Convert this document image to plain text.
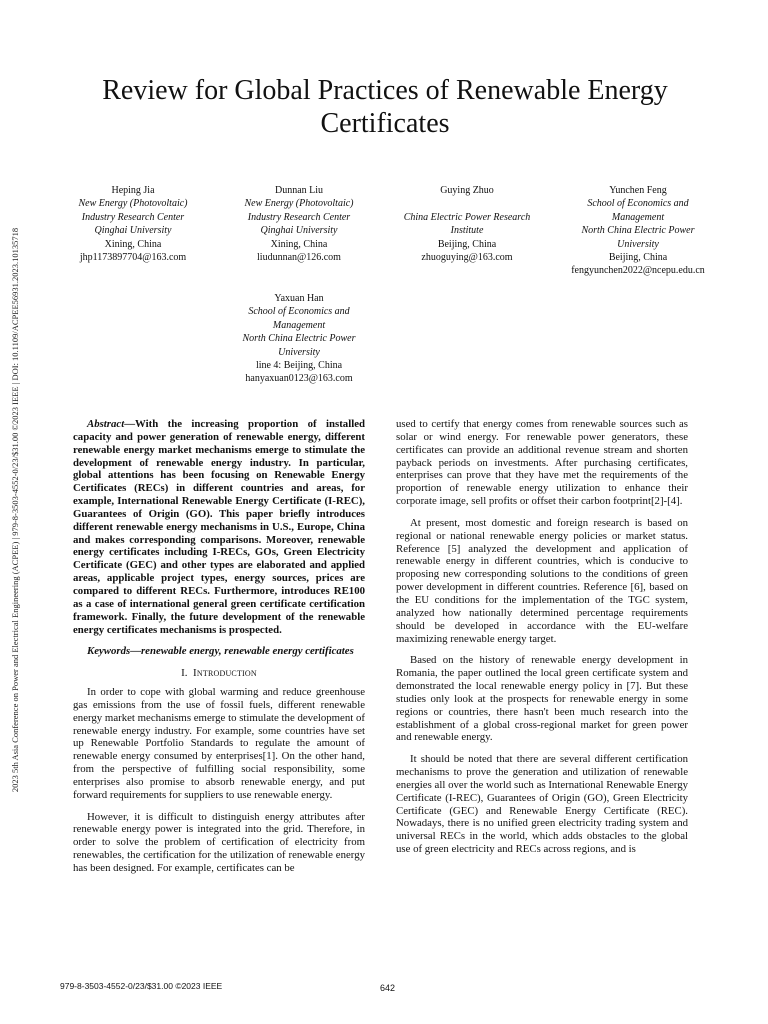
2023 5th Asia Conference on Power and Electrical Engineering (ACPEE) | 979-8-3503-4552-0/23/$31.00 ©2023 IEEE | DOI: 10.1109/ACPEE56931.2023.10135718
Review for Global Practices of Renewable Energy Certificates
Heping Jia
New Energy (Photovoltaic)
Industry Research Center
Qinghai University
Xining, China
jhp1173897704@163.com
Dunnan Liu
New Energy (Photovoltaic)
Industry Research Center
Qinghai University
Xining, China
liudunnan@126.com
Guying Zhuo
China Electric Power Research
Institute
Beijing, China
zhuoguying@163.com
Yunchen Feng
School of Economics and
Management
North China Electric Power
University
Beijing, China
fengyunchen2022@ncepu.edu.cn
Yaxuan Han
School of Economics and
Management
North China Electric Power
University
line 4: Beijing, China
hanyaxuan0123@163.com

Abstract—With the increasing proportion of installed capacity and power generation of renewable energy, different renewable energy market mechanisms emerge to stimulate the development of renewable energy industry. In particular, global attentions has been focusing on Renewable Energy Certificates (RECs) in different countries and areas, for example, International Renewable Energy Certificate (I-REC), Guarantees of Origin (GO). This paper briefly introduces different renewable energy mechanisms in U.S., Europe, China and makes corresponding comparisons. Moreover, renewable energy certificates including I-RECs, GOs, Green Electricity Certificate (GEC) and other types are elaborated and applied areas, applicable project types, energy sources, prices are compared to different RECs. Furthermore, introduces RE100 as a case of international general green certificate certification framework. Finally, the future development of the renewable energy certificates mechanisms is prospected.

Keywords—renewable energy, renewable energy certificates

I. Introduction

In order to cope with global warming and reduce greenhouse gas emissions from the use of fossil fuels, different renewable energy market mechanisms emerge to stimulate the development of renewable energy industry. For example, some countries have set up Renewable Portfolio Standards to regulate the amount of renewable energy consumed by enterprises[1]. On the other hand, from the perspective of fulfilling social responsibility, some enterprises also promise to absorb renewable energy, and put forward requirements for suppliers to use renewable energy.

However, it is difficult to distinguish energy attributes after renewable energy power is integrated into the grid. Therefore, in order to solve the problem of certification of electricity from renewables, the certification for the utilization of renewable energy has been designed. For example, certificates can be

used to certify that energy comes from renewable sources such as solar or wind energy. For renewable power generators, these certificates can provide an additional revenue stream and shorten payback periods on investments. After purchasing certificates, enterprises can prove that they have met the requirements of the proportion of renewable energy utilization to enhance their corporate image, sell profits or offset their carbon footprint[2]-[4].

At present, most domestic and foreign research is based on regional or national renewable energy policies or market status. Reference [5] analyzed the development and application of renewable energy in different countries, which is conducive to proposing new corresponding solutions to the conditions of green power development in different countries. Reference [6], based on the EU conditions for the implementation of the TGC system, analyzed how nationally determined percentage requirements should be developed in accordance with the EU-welfare maximizing renewable energy target.

Based on the history of renewable energy development in Romania, the paper outlined the local green certificate system and demonstrated the local renewable energy policy in [7]. But these studies only look at the prospects for renewable energy in some regions or countries, there hasn't been much research into the establishment of a global cross-regional market for green power and renewable energy.

It should be noted that there are several different certification mechanisms to prove the generation and utilization of renewable energies all over the world such as International Renewable Energy Certificate (I-REC), Guarantees of Origin (GO), Green Electricity Certificate (GEC) and Renewable Energy Certificate (REC). Nowadays, there is no unified green electricity trading system and universal RECs in the world, which adds obstacles to the global use of green electricity and RECs across regions, and is

979-8-3503-4552-0/23/$31.00 ©2023 IEEE	642
